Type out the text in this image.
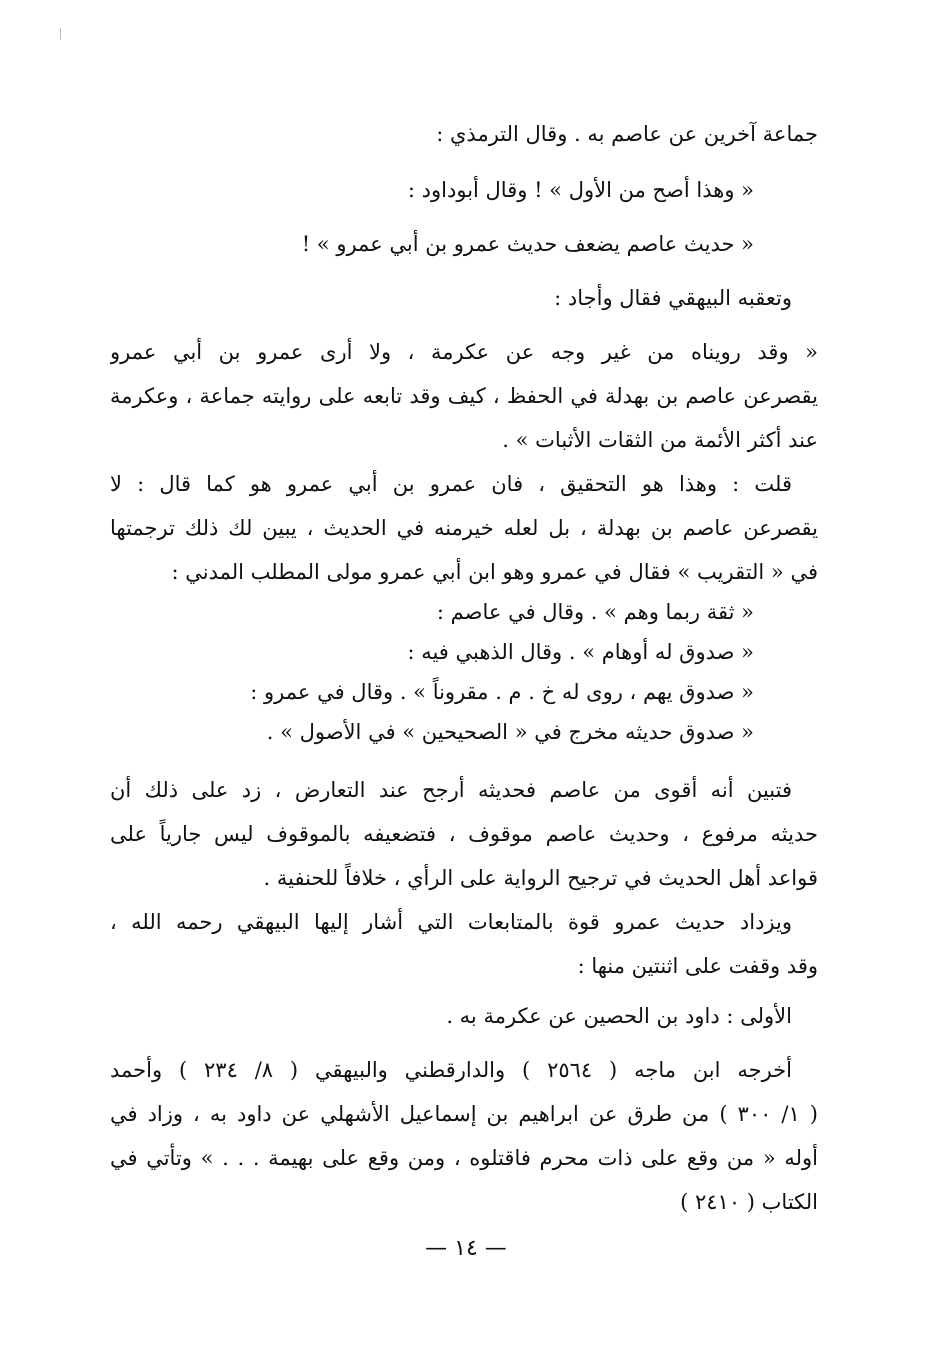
جماعة آخرين عن عاصم به . وقال الترمذي :
« وهذا أصح من الأول » ! وقال أبوداود :
« حديث عاصم يضعف حديث عمرو بن أبي عمرو » !
وتعقبه البيهقي فقال وأجاد :
« وقد رويناه من غير وجه عن عكرمة ، ولا أرى عمرو بن أبي عمرو
يقصرعن عاصم بن بهدلة في الحفظ ، كيف وقد تابعه على روايته جماعة ، وعكرمة
عند أكثر الأئمة من الثقات الأثبات » .
قلت : وهذا هو التحقيق ، فان عمرو بن أبي عمرو هو كما قال : لا
يقصرعن عاصم بن بهدلة ، بل لعله خيرمنه في الحديث ، يبين لك ذلك ترجمتها
في « التقريب » فقال في عمرو وهو ابن أبي عمرو مولى المطلب المدني :
« ثقة ربما وهم » . وقال في عاصم :
« صدوق له أوهام » . وقال الذهبي فيه :
« صدوق يهم ، روى له خ . م . مقروناً » . وقال في عمرو :
« صدوق حديثه مخرج في « الصحيحين » في الأصول » .
فتبين أنه أقوى من عاصم فحديثه أرجح عند التعارض ، زد على ذلك أن
حديثه مرفوع ، وحديث عاصم موقوف ، فتضعيفه بالموقوف ليس جارياً على
قواعد أهل الحديث في ترجيح الرواية على الرأي ، خلافاً للحنفية .
ويزداد حديث عمرو قوة بالمتابعات التي أشار إليها البيهقي رحمه الله ،
وقد وقفت على اثنتين منها :
الأولى : داود بن الحصين عن عكرمة به .
أخرجه ابن ماجه ( ٢٥٦٤ ) والدارقطني والبيهقي ( ٨/ ٢٣٤ ) وأحمد
( ١/ ٣٠٠ ) من طرق عن ابراهيم بن إسماعيل الأشهلي عن داود به ، وزاد في
أوله « من وقع على ذات محرم فاقتلوه ، ومن وقع على بهيمة . . . » وتأتي في
الكتاب ( ٢٤١٠ )
— ١٤ —
